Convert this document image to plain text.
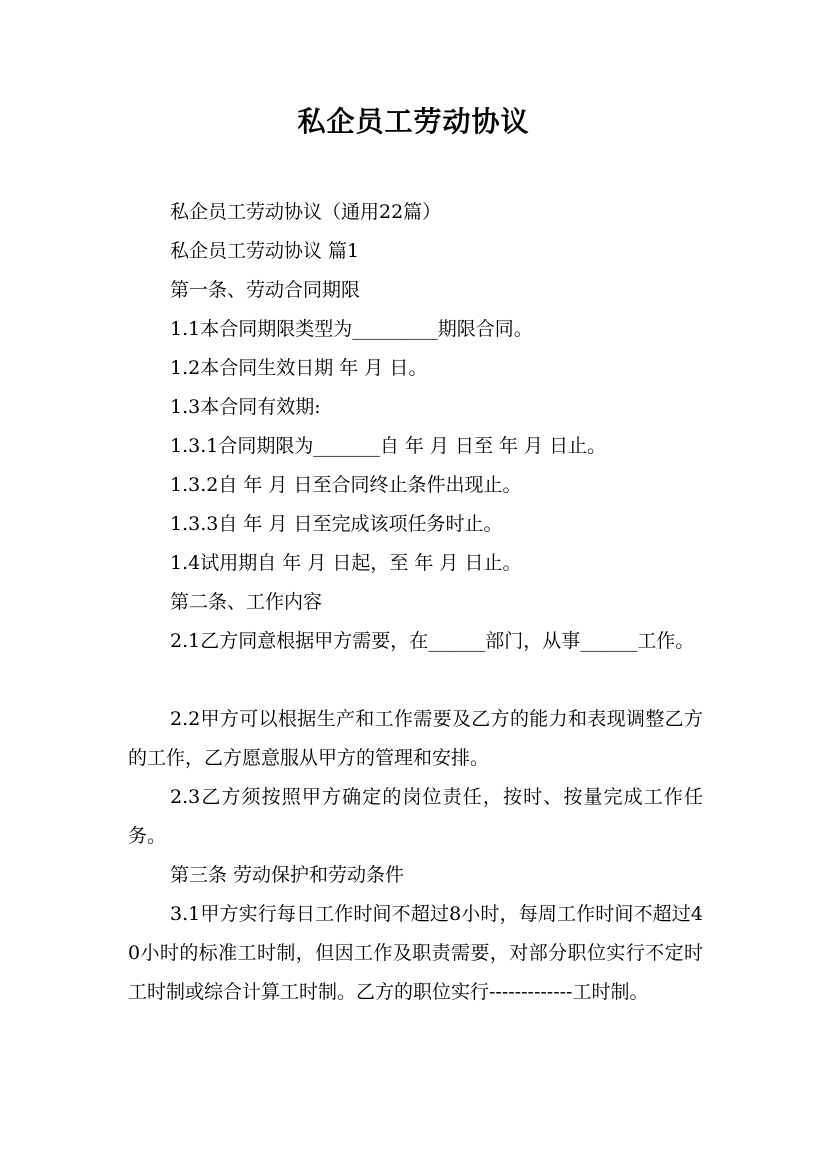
私企员工劳动协议

私企员工劳动协议（通用22篇）

私企员工劳动协议 篇1

第一条、劳动合同期限

1.1本合同期限类型为_________期限合同。

1.2本合同生效日期 年 月 日。

1.3本合同有效期:

1.3.1合同期限为_______自 年 月 日至 年 月 日止。

1.3.2自 年 月 日至合同终止条件出现止。

1.3.3自 年 月 日至完成该项任务时止。

1.4试用期自 年 月 日起，至 年 月 日止。

第二条、工作内容

2.1乙方同意根据甲方需要，在______部门，从事______工作。

2.2甲方可以根据生产和工作需要及乙方的能力和表现调整乙方的工作，乙方愿意服从甲方的管理和安排。

2.3乙方须按照甲方确定的岗位责任，按时、按量完成工作任务。

第三条 劳动保护和劳动条件

3.1甲方实行每日工作时间不超过8小时，每周工作时间不超过40小时的标准工时制，但因工作及职责需要，对部分职位实行不定时工时制或综合计算工时制。乙方的职位实行-------------工时制。
